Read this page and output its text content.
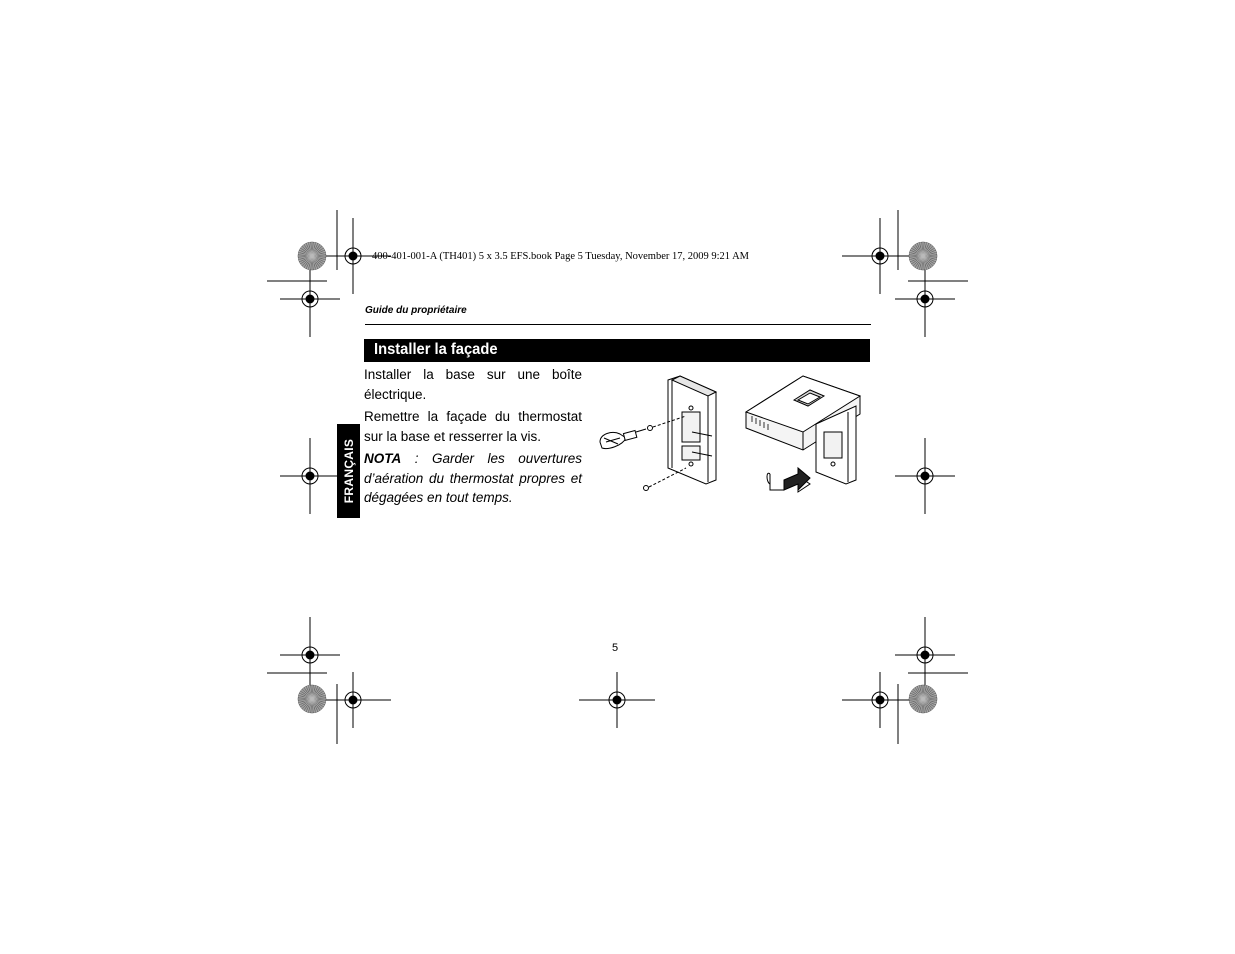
400-401-001-A (TH401) 5 x 3.5 EFS.book Page 5 Tuesday, November 17, 2009 9:21 AM
Guide du propriétaire
Installer la façade

Installer la base sur une boîte électrique.

Remettre la façade du thermostat sur la base et resserrer la vis.

NOTA : Garder les ouvertures d’aération du thermostat propres et dégagées en tout temps.

FRANÇAIS
5
